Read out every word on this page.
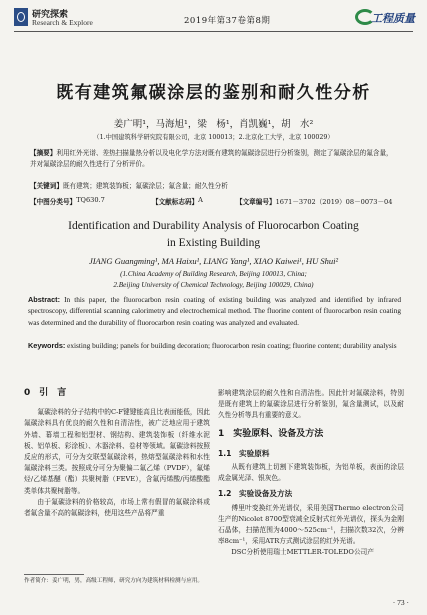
研究探索
Research & Explore	2019年第37卷第8期	工程质量
既有建筑氟碳涂层的鉴别和耐久性分析
姜广明¹，马海旭¹，梁　杨¹，肖凯巍¹，胡　水²
（1.中国建筑科学研究院有限公司，北京 100013；2.北京化工大学，北京 100029）
【摘要】利用红外光谱、差热扫描量热分析以及电化学方法对既有建筑的氟碳涂层进行分析鉴别，测定了氟碳涂层的氟含量，并对氟碳涂层的耐久性进行了分析评价。
【关键词】既有建筑；建筑装饰板；氟碳涂层；氟含量；耐久性分析
【中图分类号】 TQ630.7	【文献标志码】 A	【文章编号】 1671－3702（2019）08－0073－04
Identification and Durability Analysis of Fluorocarbon Coating
in Existing Building
JIANG Guangming¹, MA Haixu¹, LIANG Yang¹, XIAO Kaiwei¹, HU Shui²
(1.China Academy of Building Research, Beijing 100013, China;
2.Beijing University of Chemical Technology, Beijing 100029, China)
Abstract: In this paper, the fluorocarbon resin coating of existing building was analyzed and identified by infrared spectroscopy, differential scanning calorimetry and electrochemical method. The fluorine content of fluorocarbon resin coating was determined and the durability of fluorocarbon resin coating was analyzed and evaluated.
Keywords: existing building; panels for building decoration; fluorocarbon resin coating; fluorine content; durability analysis
0　引　言

氟碳涂料的分子结构中的C-F键键能高且比表面能低，因此氟碳涂料具有优良的耐久性和自清洁性，被广泛地应用于建筑外墙、幕墙工程和铝型材、钢结构、建筑装饰板（纤维水泥板、铝单板、彩涂板）、木器涂料、卷材等领域。氟碳涂料按照反应的形式，可分为交联型氟碳涂料，热熔型氟碳涂料和水性氟碳涂料三类。按照成分可分为聚偏二氟乙烯（PVDF），氟烯烃/乙烯基醚（酯）共聚树脂（FEVE），含氟丙烯酸/丙烯酸酯类单体共聚树脂等。

由于氟碳涂料的价格较高，市场上常有假冒的氟碳涂料或者氟含量不高的氟碳涂料，使用这些产品将严重

影响建筑涂层的耐久性和自清洁性。因此针对氟碳涂料，特别是既有建筑上的氟碳涂层进行分析鉴别，氟含量测试，以及耐久性分析等具有重要的意义。

1　实验原料、设备及方法
1.1　实验原料

从既有建筑上切割下建筑装饰板，为铝单板，表面的涂层成金属光泽、银灰色。

1.2　实验设备及方法

傅里叶变换红外光谱仪，采用美国Thermo electron公司生产的Nicolet 8700型衰减全反射式红外光谱仪，探头为金刚石晶体，扫描范围为4000～525cm⁻¹，扫描次数32次，分辨率8cm⁻¹，采用ATR方式测试涂层的红外光谱。

DSC分析使用瑞士METTLER-TOLEDO公司产

作者简介：姜广明，男，高级工程师，研究方向为建筑材料检测与应用。
· 73 ·
